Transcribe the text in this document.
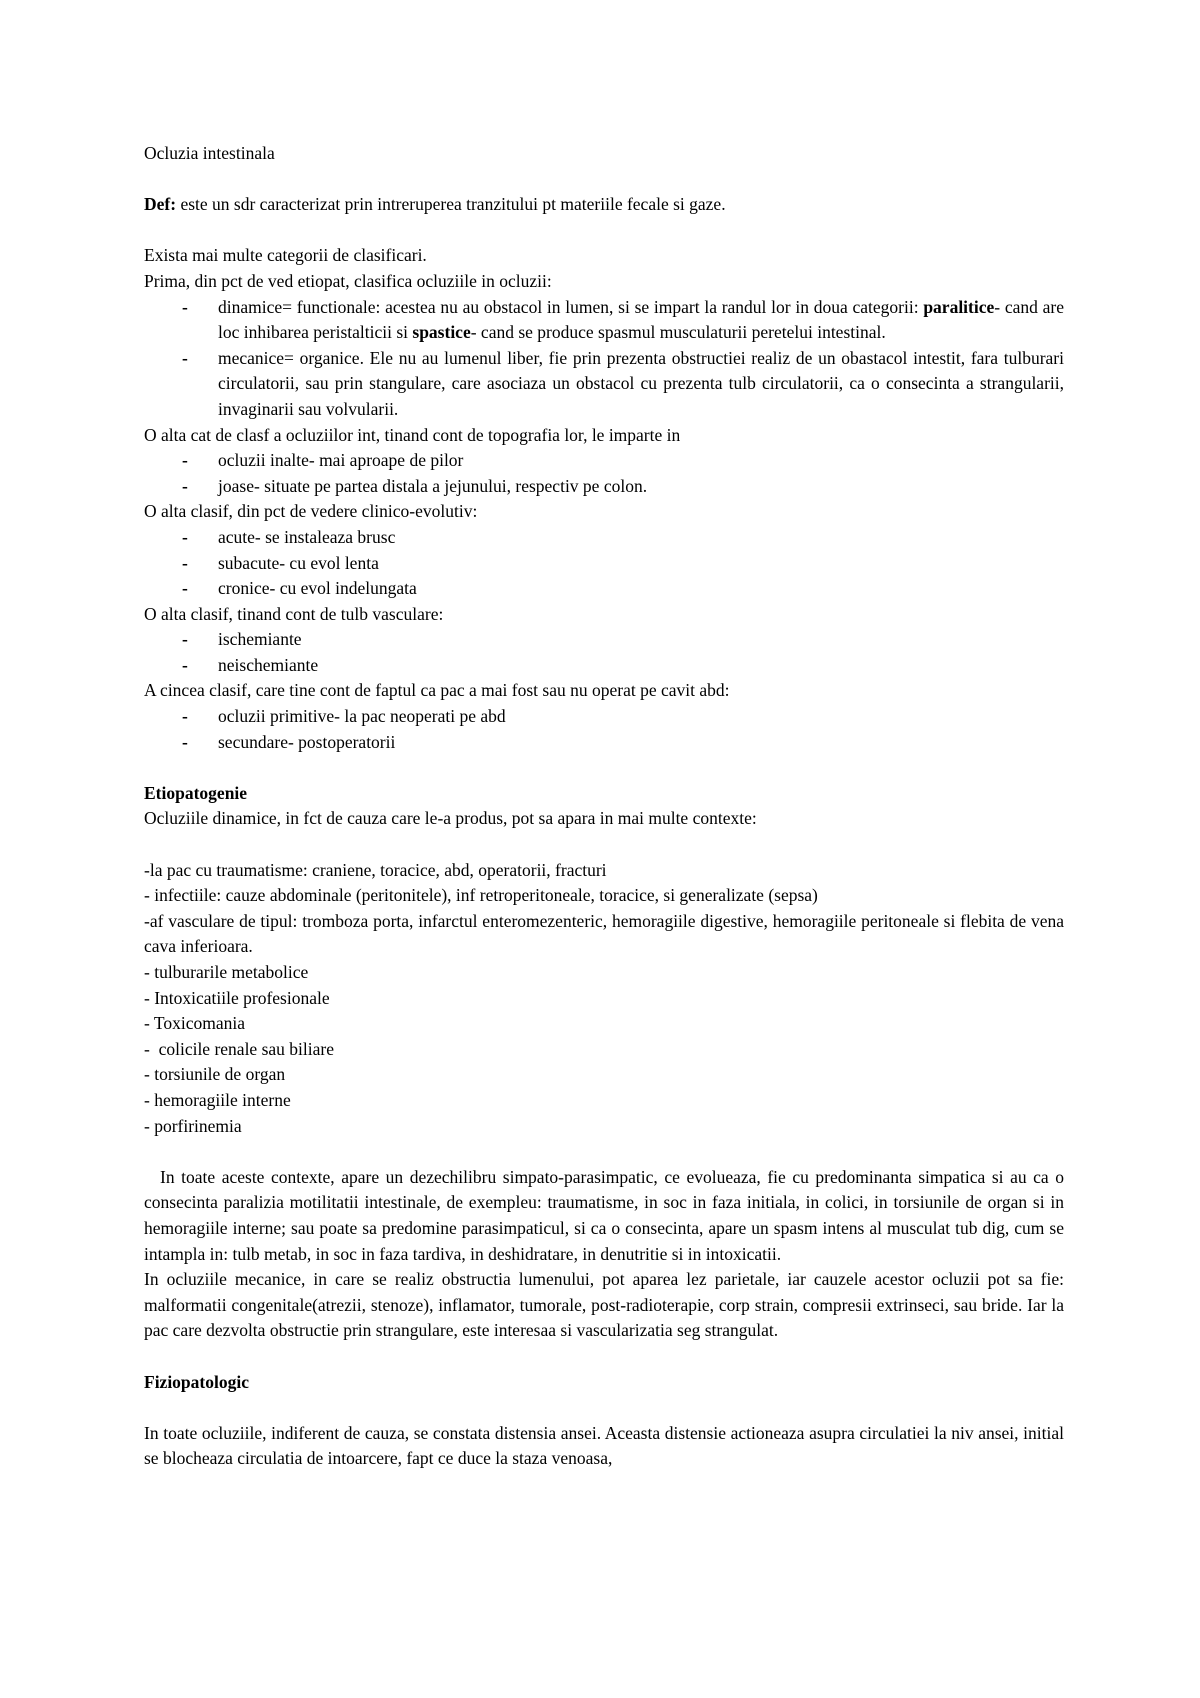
Ocluzia intestinala

Def: este un sdr caracterizat prin intreruperea tranzitului pt materiile fecale si gaze.

Exista mai multe categorii de clasificari.

Prima, din pct de ved etiopat, clasifica ocluziile in ocluzii:

- dinamice= functionale: acestea nu au obstacol in lumen, si se impart la randul lor in doua categorii: paralitice- cand are loc inhibarea peristalticii si spastice- cand se produce spasmul musculaturii peretelui intestinal.
- mecanice= organice. Ele nu au lumenul liber, fie prin prezenta obstructiei realiz de un obastacol intestit, fara tulburari circulatorii, sau prin stangulare, care asociaza un obstacol cu prezenta tulb circulatorii, ca o consecinta a strangularii, invaginarii sau volvularii.

O alta cat de clasf a ocluziilor int, tinand cont de topografia lor, le imparte in

- ocluzii inalte- mai aproape de pilor
- joase- situate pe partea distala a jejunului, respectiv pe colon.

O alta clasif, din pct de vedere clinico-evolutiv:

- acute- se instaleaza brusc
- subacute- cu evol lenta
- cronice- cu evol indelungata

O alta clasif, tinand cont de tulb vasculare:

- ischemiante
- neischemiante

A cincea clasif, care tine cont de faptul ca pac a mai fost sau nu operat pe cavit abd:

- ocluzii primitive- la pac neoperati pe abd
- secundare- postoperatorii

Etiopatogenie

Ocluziile dinamice, in fct de cauza care le-a produs, pot sa apara in mai multe contexte:

-la pac cu traumatisme: craniene, toracice, abd, operatorii, fracturi

- infectiile: cauze abdominale (peritonitele), inf retroperitoneale, toracice, si generalizate (sepsa)

-af vasculare de tipul: tromboza porta, infarctul enteromezenteric, hemoragiile digestive, hemoragiile peritoneale si flebita de vena cava inferioara.

- tulburarile metabolice

- Intoxicatiile profesionale

- Toxicomania

-  colicile renale sau biliare

- torsiunile de organ

- hemoragiile interne

- porfirinemia

In toate aceste contexte, apare un dezechilibru simpato-parasimpatic, ce evolueaza, fie cu predominanta simpatica si au ca o consecinta paralizia motilitatii intestinale, de exempleu: traumatisme, in soc in faza initiala, in colici, in torsiunile de organ si in hemoragiile interne; sau poate sa predomine parasimpaticul, si ca o consecinta, apare un spasm intens al musculat tub dig, cum se intampla in: tulb metab, in soc in faza tardiva, in deshidratare, in denutritie si in intoxicatii.

In ocluziile mecanice, in care se realiz obstructia lumenului, pot aparea lez parietale, iar cauzele acestor ocluzii pot sa fie: malformatii congenitale(atrezii, stenoze), inflamator, tumorale, post-radioterapie, corp strain, compresii extrinseci, sau bride. Iar la pac care dezvolta obstructie prin strangulare, este interesaa si vascularizatia seg strangulat.

Fiziopatologic

In toate ocluziile, indiferent de cauza, se constata distensia ansei. Aceasta distensie actioneaza asupra circulatiei la niv ansei, initial se blocheaza circulatia de intoarcere, fapt ce duce la staza venoasa,
